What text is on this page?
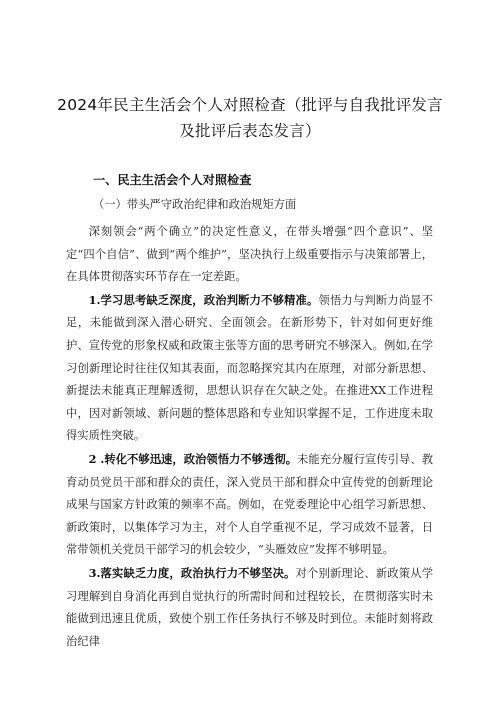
2024年民主生活会个人对照检查（批评与自我批评发言及批评后表态发言）
一、民主生活会个人对照检查
（一）带头严守政治纪律和政治规矩方面

深刻领会“两个确立”的决定性意义，在带头增强“四个意识”、坚定“四个自信”、做到“两个维护”，坚决执行上级重要指示与决策部署上，在具体贯彻落实环节存在一定差距。

1.学习思考缺乏深度，政治判断力不够精准。领悟力与判断力尚显不足，未能做到深入潜心研究、全面领会。在新形势下，针对如何更好维护、宣传党的形象权威和政策主张等方面的思考研究不够深入。例如,在学习创新理论时往往仅知其表面，而忽略探究其内在原理，对部分新思想、新提法未能真正理解透彻，思想认识存在欠缺之处。在推进XX工作进程中，因对新领域、新问题的整体思路和专业知识掌握不足，工作进度未取得实质性突破。

2 .转化不够迅速，政治领悟力不够透彻。未能充分履行宣传引导、教育动员党员干部和群众的责任，深入党员干部和群众中宣传党的创新理论成果与国家方针政策的频率不高。例如，在党委理论中心组学习新思想、新政策时，以集体学习为主，对个人自学重视不足，学习成效不显著，日常带领机关党员干部学习的机会较少，“头雁效应”发挥不够明显。

3.落实缺乏力度，政治执行力不够坚决。对个别新理论、新政策从学习理解到自身消化再到自觉执行的所需时间和过程较长，在贯彻落实时未能做到迅速且优质，致使个别工作任务执行不够及时到位。未能时刻将政治纪律
